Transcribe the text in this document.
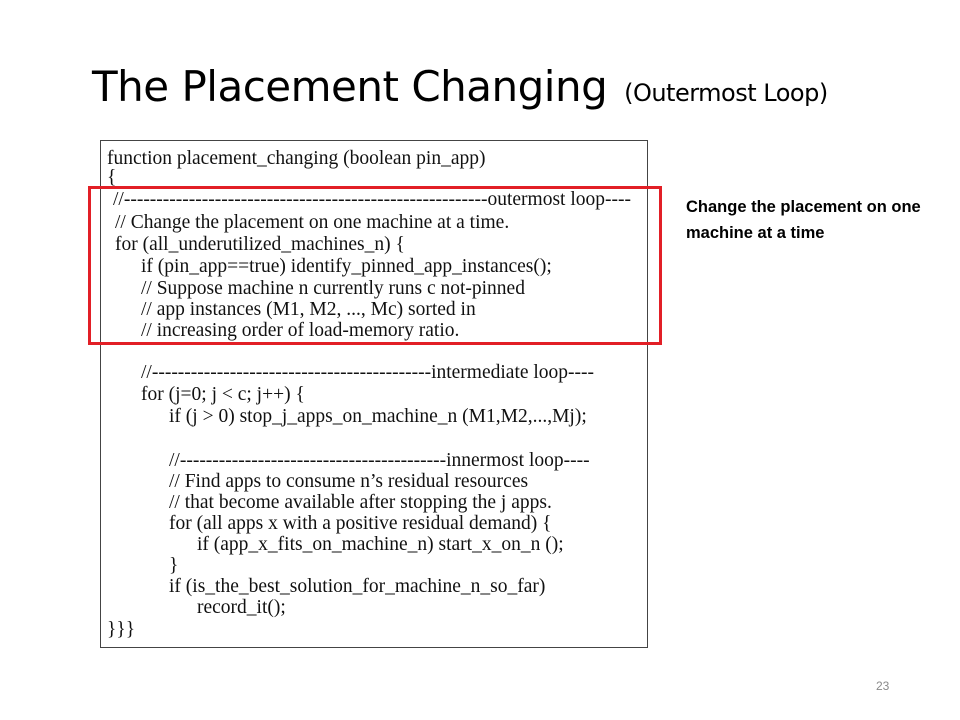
The Placement Changing (Outermost Loop)
function placement_changing (boolean pin_app)
{
//--------------------------------------------------------outermost loop----
// Change the placement on one machine at a time.
for (all_underutilized_machines_n) {
if (pin_app==true) identify_pinned_app_instances();
// Suppose machine n currently runs c not-pinned
// app instances (M1, M2, ..., Mc) sorted in
// increasing order of load-memory ratio.
//-------------------------------------------intermediate loop----
for (j=0; j < c; j++) {
if (j > 0) stop_j_apps_on_machine_n (M1,M2,...,Mj);
//-----------------------------------------innermost loop----
// Find apps to consume n’s residual resources
// that become available after stopping the j apps.
for (all apps x with a positive residual demand) {
if (app_x_fits_on_machine_n) start_x_on_n ();
}
if (is_the_best_solution_for_machine_n_so_far)
record_it();
}}}
Change the placement on one machine at a time
23
